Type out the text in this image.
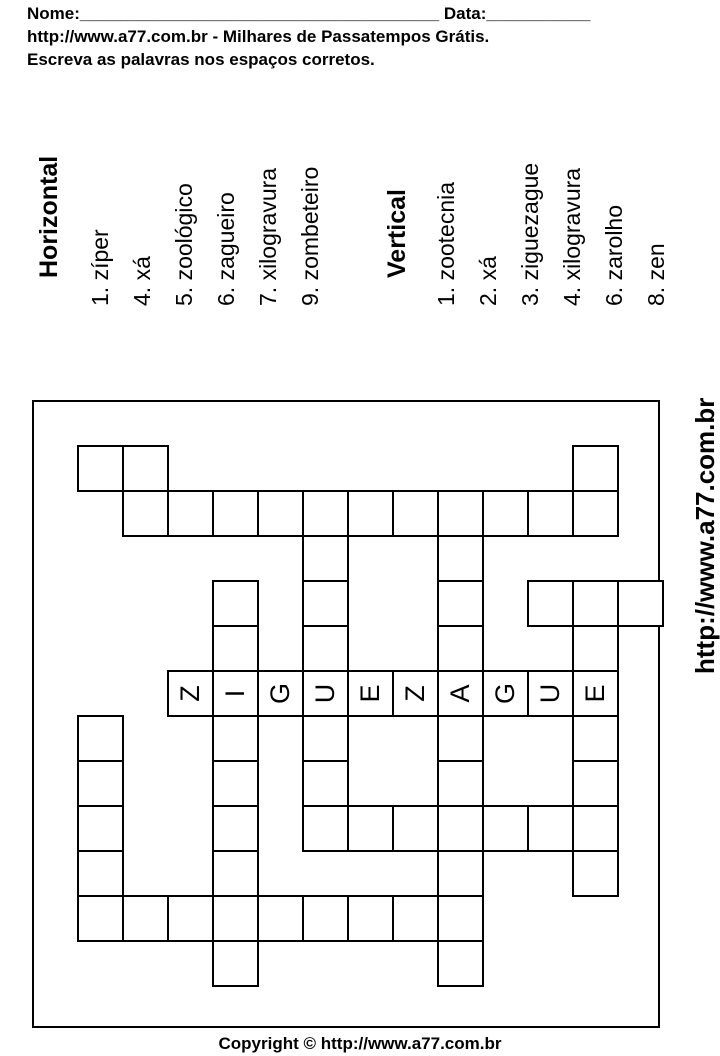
Nome:______________________________________ Data:___________
http://www.a77.com.br - Milhares de Passatempos Grátis.
Escreva as palavras nos espaços corretos.
Horizontal 1. zíper 4. xá 5. zoológico 6. zagueiro 7. xilogravura 9. zombeteiro Vertical 1. zootecnia 2. xá 3. ziguezague 4. xilogravura 6. zarolho 8. zen
http://www.a77.com.br
Z I G U E Z A G U E
Copyright © http://www.a77.com.br
